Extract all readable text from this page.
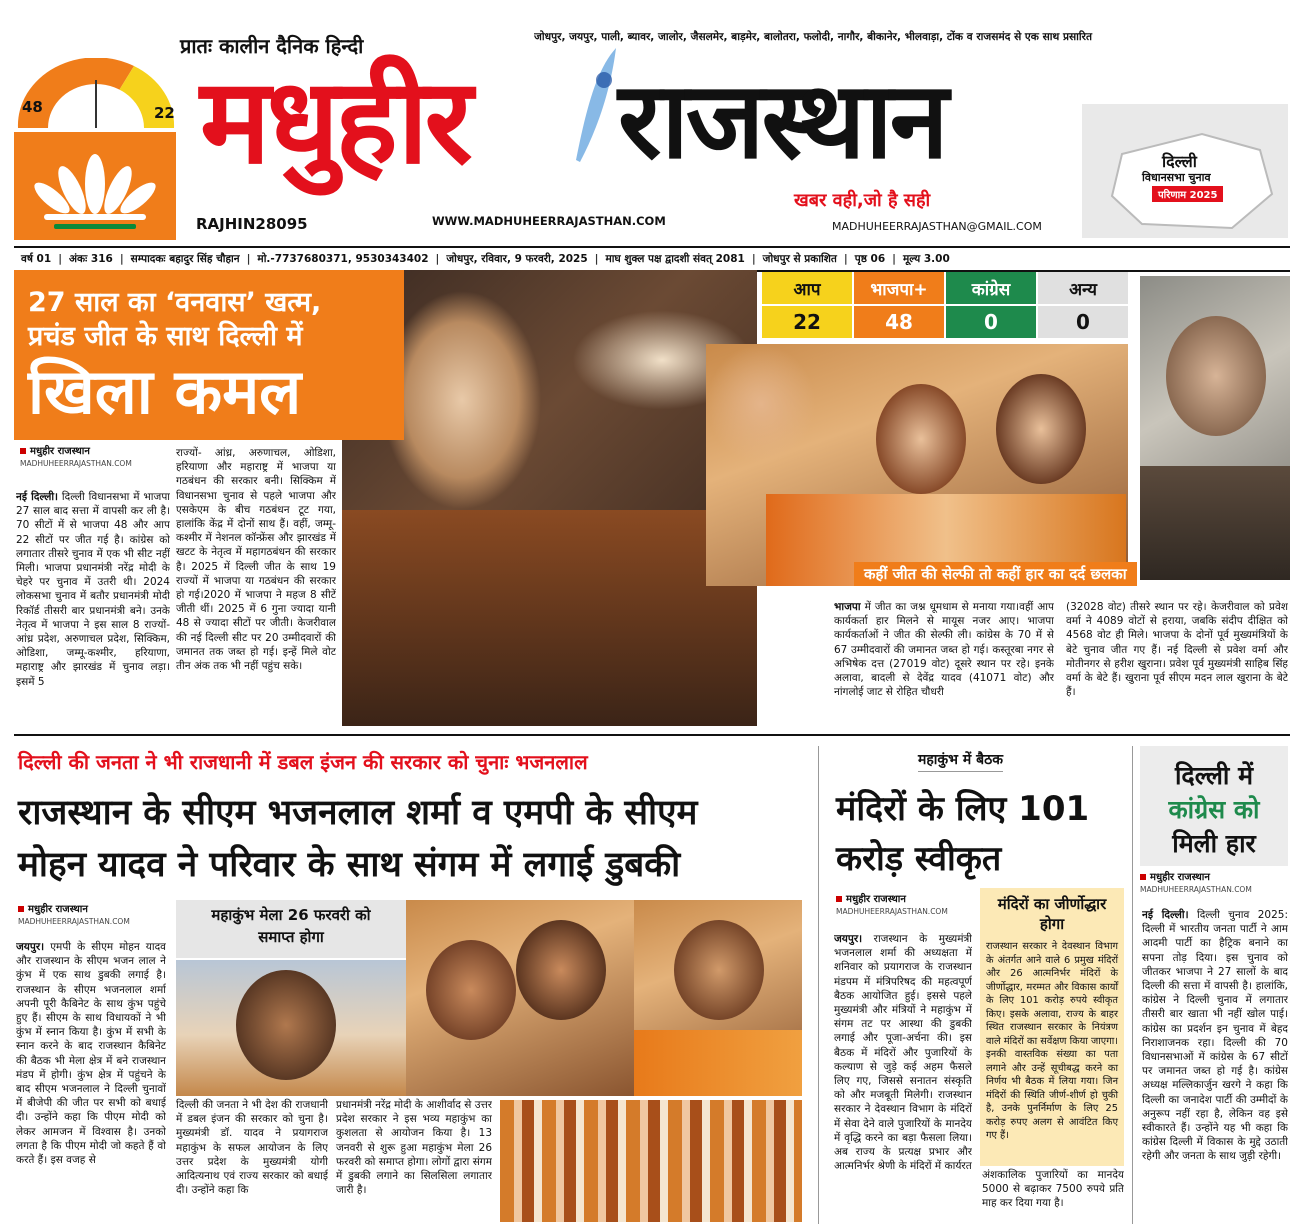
प्रातः कालीन दैनिक हिन्दी
48	22 मधुहीर राजस्थान
जोधपुर, जयपुर, पाली, ब्यावर, जालोर, जैसलमेर, बाड़मेर, बालोतरा, फलोदी, नागौर, बीकानेर, भीलवाड़ा, टोंक व राजसमंद से एक साथ प्रसारित
RAJHIN28095	WWW.MADHUHEERRAJASTHAN.COM
खबर वही,जो है सही
MADHUHEERRAJASTHAN@GMAIL.COM
दिल्ली
विधानसभा चुनाव
परिणाम 2025
वर्ष 01 | अंकः 316 | सम्पादकः बहादुर सिंह चौहान | मो.-7737680371, 9530343402 | जोधपुर, रविवार, 9 फरवरी, 2025 | माघ शुक्ल पक्ष द्वादशी संवत् 2081 | जोधपुर से प्रकाशित | पृष्ठ 06 | मूल्य 3.00
27 साल का ‘वनवास’ खत्म,
प्रचंड जीत के साथ दिल्ली में
खिला कमल
मधुहीर राजस्थान
MADHUHEERRAJASTHAN.COM
नई दिल्ली। दिल्ली विधानसभा में भाजपा 27 साल बाद सत्ता में वापसी कर ली है। 70 सीटों में से भाजपा 48 और आप 22 सीटों पर जीत गई है। कांग्रेस को लगातार तीसरे चुनाव में एक भी सीट नहीं मिली। भाजपा प्रधानमंत्री नरेंद्र मोदी के चेहरे पर चुनाव में उतरी थी। 2024 लोकसभा चुनाव में बतौर प्रधानमंत्री मोदी रिकॉर्ड तीसरी बार प्रधानमंत्री बने। उनके नेतृत्व में भाजपा ने इस साल 8 राज्यों- आंध्र प्रदेश, अरुणाचल प्रदेश, सिक्किम, ओडिशा, जम्मू-कश्मीर, हरियाणा, महाराष्ट्र और झारखंड में चुनाव लड़ा। इसमें 5
राज्यों- आंध्र, अरुणाचल, ओडिशा, हरियाणा और महाराष्ट्र में भाजपा या गठबंधन की सरकार बनी। सिक्किम में विधानसभा चुनाव से पहले भाजपा और एसकेएम के बीच गठबंधन टूट गया, हालांकि केंद्र में दोनों साथ हैं। वहीं, जम्मू-कश्मीर में नेशनल कॉन्फ्रेंस और झारखंड में खटट के नेतृत्व में महागठबंधन की सरकार है। 2025 में दिल्ली जीत के साथ 19 राज्यों में भाजपा या गठबंधन की सरकार हो गई।2020 में भाजपा ने महज 8 सीटें जीती थीं। 2025 में 6 गुना ज्यादा यानी 48 से ज्यादा सीटों पर जीती। केजरीवाल की नई दिल्ली सीट पर 20 उम्मीदवारों की जमानत तक जब्त हो गई। इन्हें मिले वोट तीन अंक तक भी नहीं पहुंच सके।
आप	भाजपा+	कांग्रेस	अन्य
22	48	0	0
कहीं जीत की सेल्फी तो कहीं हार का दर्द छलका
भाजपा में जीत का जश्न धूमधाम से मनाया गया।वहीं आप कार्यकर्ता हार मिलने से मायूस नजर आए। भाजपा कार्यकर्ताओं ने जीत की सेल्फी ली। कांग्रेस के 70 में से 67 उम्मीदवारों की जमानत जब्त हो गई। कस्तूरबा नगर से अभिषेक दत्त (27019 वोट) दूसरे स्थान पर रहे। इनके अलावा, बादली से देवेंद्र यादव (41071 वोट) और नांगलोई जाट से रोहित चौधरी
(32028 वोट) तीसरे स्थान पर रहे। केजरीवाल को प्रवेश वर्मा ने 4089 वोटों से हराया, जबकि संदीप दीक्षित को 4568 वोट ही मिले। भाजपा के दोनों पूर्व मुख्यमंत्रियों के बेटे चुनाव जीत गए हैं। नई दिल्ली से प्रवेश वर्मा और मोतीनगर से हरीश खुराना। प्रवेश पूर्व मुख्यमंत्री साहिब सिंह वर्मा के बेटे हैं। खुराना पूर्व सीएम मदन लाल खुराना के बेटे हैं।
दिल्ली की जनता ने भी राजधानी में डबल इंजन की सरकार को चुनाः भजनलाल
राजस्थान के सीएम भजनलाल शर्मा व एमपी के सीएम
मोहन यादव ने परिवार के साथ संगम में लगाई डुबकी
मधुहीर राजस्थान
MADHUHEERRAJASTHAN.COM
जयपुर। एमपी के सीएम मोहन यादव और राजस्थान के सीएम भजन लाल ने कुंभ में एक साथ डुबकी लगाई है। राजस्थान के सीएम भजनलाल शर्मा अपनी पूरी कैबिनेट के साथ कुंभ पहुंचे हुए हैं। सीएम के साथ विधायकों ने भी कुंभ में स्नान किया है। कुंभ में सभी के स्नान करने के बाद राजस्थान कैबिनेट की बैठक भी मेला क्षेत्र में बने राजस्थान मंडप में होगी। कुंभ क्षेत्र में पहुंचने के बाद सीएम भजनलाल ने दिल्ली चुनावों में बीजेपी की जीत पर सभी को बधाई दी। उन्होंने कहा कि पीएम मोदी को लेकर आमजन में विश्वास है। उनको लगता है कि पीएम मोदी जो कहते हैं वो करते हैं। इस वजह से
महाकुंभ मेला 26 फरवरी को समाप्त होगा
दिल्ली की जनता ने भी देश की राजधानी में डबल इंजन की सरकार को चुना है। मुख्यमंत्री डॉ. यादव ने प्रयागराज महाकुंभ के सफल आयोजन के लिए उत्तर प्रदेश के मुख्यमंत्री योगी आदित्यनाथ एवं राज्य सरकार को बधाई दी। उन्होंने कहा कि
प्रधानमंत्री नरेंद्र मोदी के आशीर्वाद से उत्तर प्रदेश सरकार ने इस भव्य महाकुंभ का कुशलता से आयोजन किया है। 13 जनवरी से शुरू हुआ महाकुंभ मेला 26 फरवरी को समाप्त होगा। लोगों द्वारा संगम में डुबकी लगाने का सिलसिला लगातार जारी है।
महाकुंभ में बैठक
मंदिरों के लिए 101
करोड़ स्वीकृत
मधुहीर राजस्थान
MADHUHEERRAJASTHAN.COM
जयपुर। राजस्थान के मुख्यमंत्री भजनलाल शर्मा की अध्यक्षता में शनिवार को प्रयागराज के राजस्थान मंडपम में मंत्रिपरिषद की महत्वपूर्ण बैठक आयोजित हुई। इससे पहले मुख्यमंत्री और मंत्रियों ने महाकुंभ में संगम तट पर आस्था की डुबकी लगाई और पूजा-अर्चना की। इस बैठक में मंदिरों और पुजारियों के कल्याण से जुड़े कई अहम फैसले लिए गए, जिससे सनातन संस्कृति को और मजबूती मिलेगी। राजस्थान सरकार ने देवस्थान विभाग के मंदिरों में सेवा देने वाले पुजारियों के मानदेय में वृद्धि करने का बड़ा फैसला लिया। अब राज्य के प्रत्यक्ष प्रभार और आत्मनिर्भर श्रेणी के मंदिरों में कार्यरत
मंदिरों का जीर्णोद्धार होगा
राजस्थान सरकार ने देवस्थान विभाग के अंतर्गत आने वाले 6 प्रमुख मंदिरों और 26 आत्मनिर्भर मंदिरों के जीर्णोद्धार, मरम्मत और विकास कार्यों के लिए 101 करोड़ रुपये स्वीकृत किए। इसके अलावा, राज्य के बाहर स्थित राजस्थान सरकार के नियंत्रण वाले मंदिरों का सर्वेक्षण किया जाएगा। इनकी वास्तविक संख्या का पता लगाने और उन्हें सूचीबद्ध करने का निर्णय भी बैठक में लिया गया। जिन मंदिरों की स्थिति जीर्ण-शीर्ण हो चुकी है, उनके पुनर्निर्माण के लिए 25 करोड़ रुपए अलग से आवंटित किए गए हैं।
अंशकालिक पुजारियों का मानदेय 5000 से बढ़ाकर 7500 रुपये प्रति माह कर दिया गया है।
दिल्ली में
कांग्रेस को
मिली हार
मधुहीर राजस्थान
MADHUHEERRAJASTHAN.COM
नई दिल्ली। दिल्ली चुनाव 2025: दिल्ली में भारतीय जनता पार्टी ने आम आदमी पार्टी का हैट्रिक बनाने का सपना तोड़ दिया। इस चुनाव को जीतकर भाजपा ने 27 सालों के बाद दिल्ली की सत्ता में वापसी है। हालांकि, कांग्रेस ने दिल्ली चुनाव में लगातार तीसरी बार खाता भी नहीं खोल पाई। कांग्रेस का प्रदर्शन इन चुनाव में बेहद निराशाजनक रहा। दिल्ली की 70 विधानसभाओं में कांग्रेस के 67 सीटों पर जमानत जब्त हो गई है। कांग्रेस अध्यक्ष मल्लिकार्जुन खरगे ने कहा कि दिल्ली का जनादेश पार्टी की उम्मीदों के अनुरूप नहीं रहा है, लेकिन वह इसे स्वीकारते हैं। उन्होंने यह भी कहा कि कांग्रेस दिल्ली में विकास के मुद्दे उठाती रहेगी और जनता के साथ जुड़ी रहेगी।
